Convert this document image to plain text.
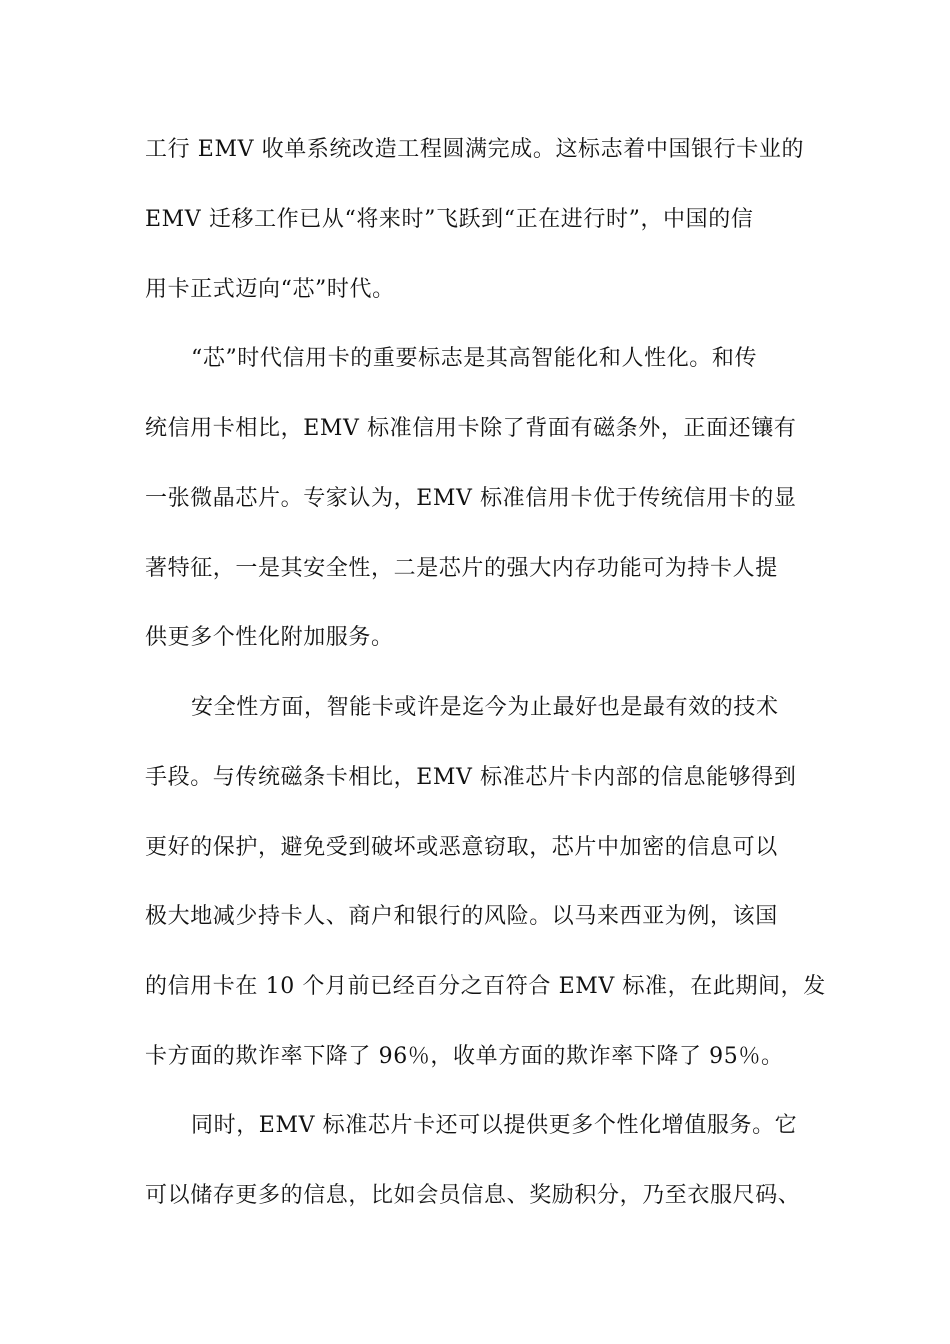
工行 EMV 收单系统改造工程圆满完成。这标志着中国银行卡业的
EMV 迁移工作已从“将来时”飞跃到“正在进行时”，中国的信
用卡正式迈向“芯”时代。
“芯”时代信用卡的重要标志是其高智能化和人性化。和传
统信用卡相比，EMV 标准信用卡除了背面有磁条外，正面还镶有
一张微晶芯片。专家认为，EMV 标准信用卡优于传统信用卡的显
著特征，一是其安全性，二是芯片的强大内存功能可为持卡人提
供更多个性化附加服务。
安全性方面，智能卡或许是迄今为止最好也是最有效的技术
手段。与传统磁条卡相比，EMV 标准芯片卡内部的信息能够得到
更好的保护，避免受到破坏或恶意窃取，芯片中加密的信息可以
极大地减少持卡人、商户和银行的风险。以马来西亚为例，该国
的信用卡在 10 个月前已经百分之百符合 EMV 标准，在此期间，发
卡方面的欺诈率下降了 96％，收单方面的欺诈率下降了 95％。
同时，EMV 标准芯片卡还可以提供更多个性化增值服务。它
可以储存更多的信息，比如会员信息、奖励积分，乃至衣服尺码、
